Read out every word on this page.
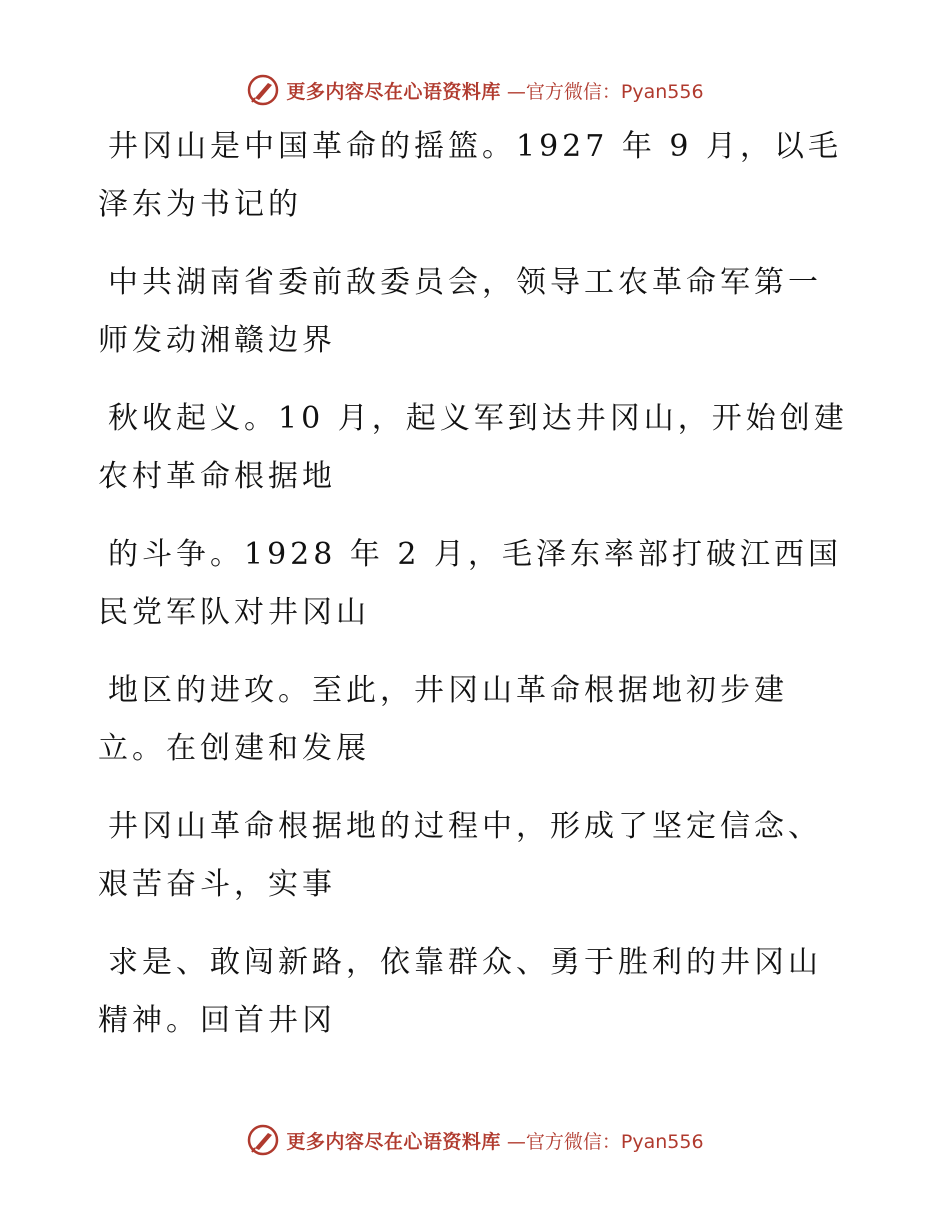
更多内容尽在心语资料库 —官方微信：Pyan556

井冈山是中国革命的摇篮。1927 年 9 月，以毛
泽东为书记的

中共湖南省委前敌委员会，领导工农革命军第一
师发动湘赣边界

秋收起义。10 月，起义军到达井冈山，开始创建
农村革命根据地

的斗争。1928 年 2 月，毛泽东率部打破江西国
民党军队对井冈山

地区的进攻。至此，井冈山革命根据地初步建
立。在创建和发展

井冈山革命根据地的过程中，形成了坚定信念、
艰苦奋斗，实事

求是、敢闯新路，依靠群众、勇于胜利的井冈山
精神。回首井冈

更多内容尽在心语资料库 —官方微信：Pyan556
